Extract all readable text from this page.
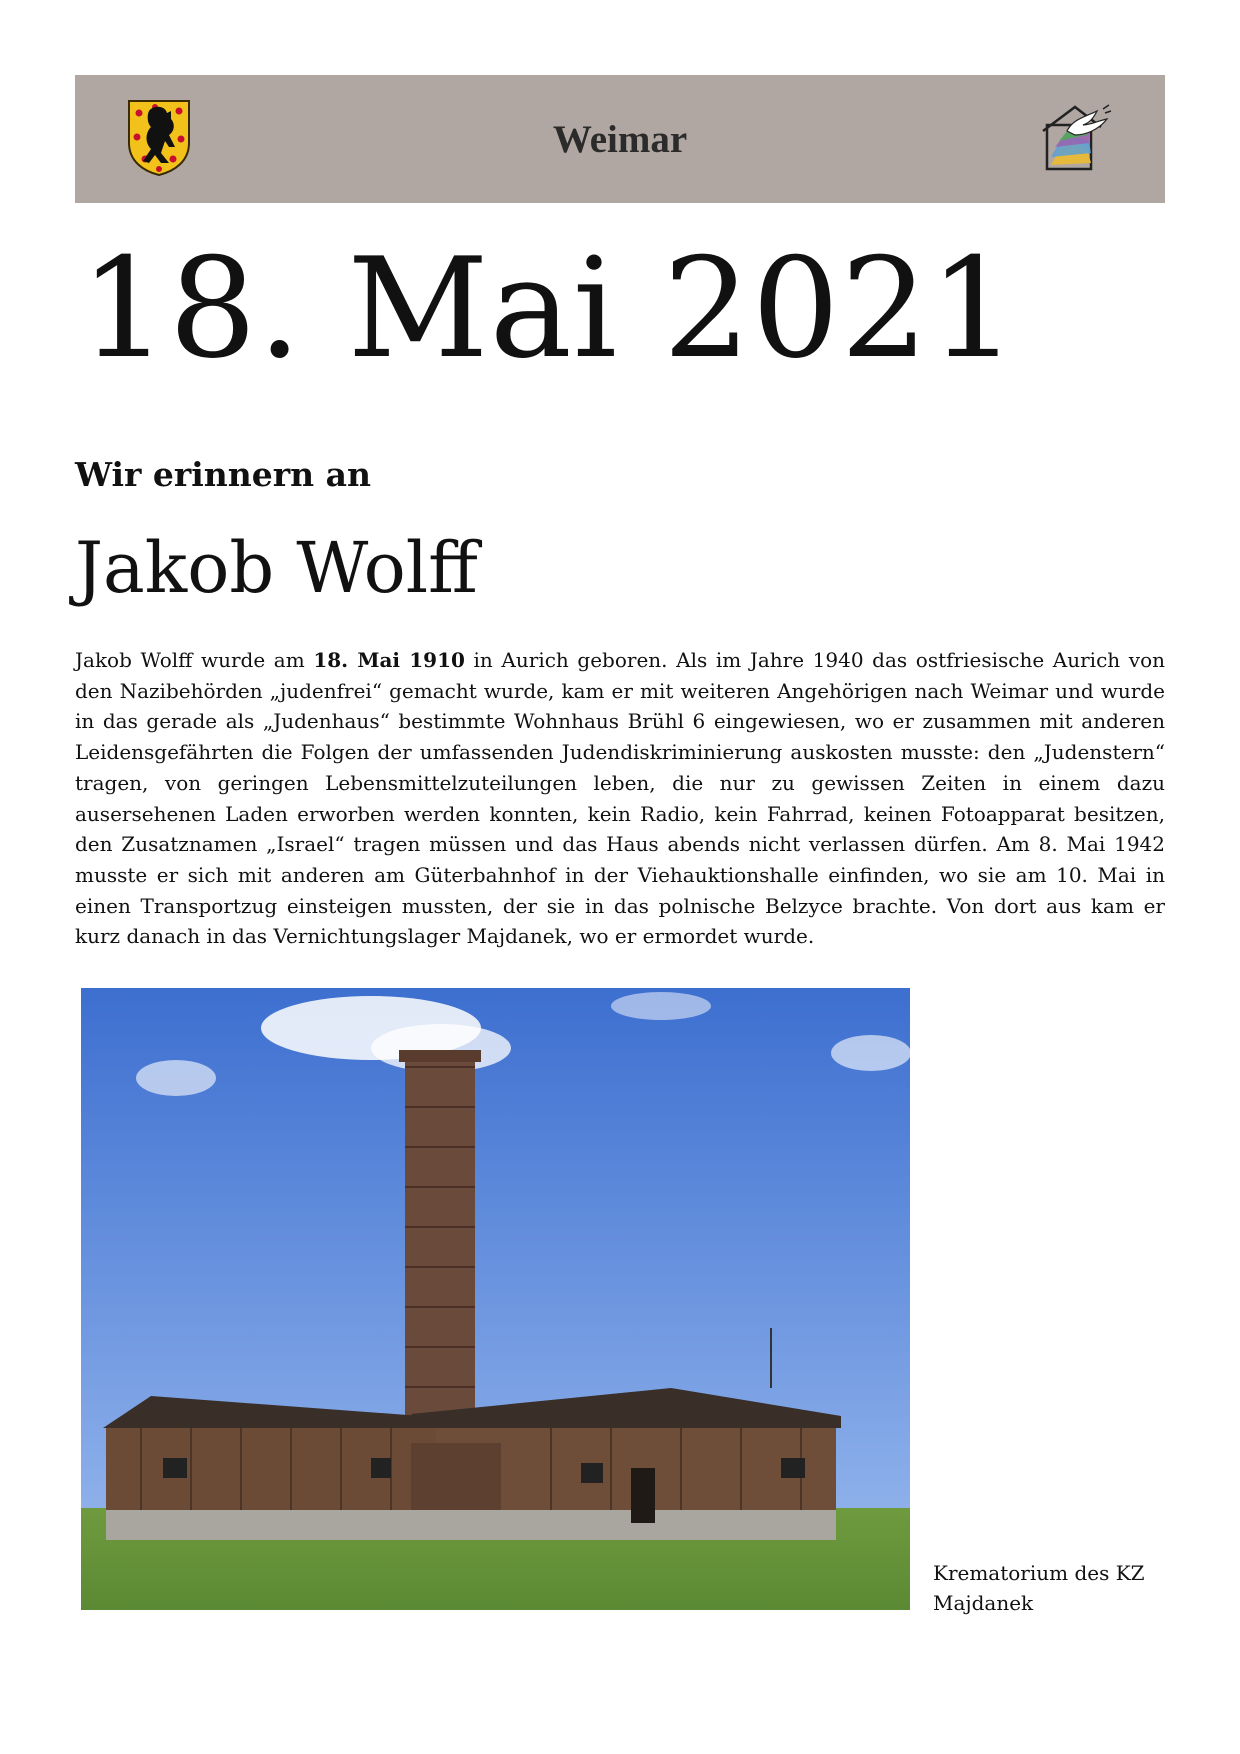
Weimar
18. Mai 2021
Wir erinnern an
Jakob Wolff

Jakob Wolff wurde am 18. Mai 1910 in Aurich geboren. Als im Jahre 1940 das ostfriesische Aurich von den Nazibehörden „judenfrei“ gemacht wurde, kam er mit weiteren Angehörigen nach Weimar und wurde in das gerade als „Judenhaus“ bestimmte Wohnhaus Brühl 6 eingewiesen, wo er zusammen mit anderen Leidensgefährten die Folgen der umfassenden Judendiskriminierung auskosten musste: den „Judenstern“ tragen, von geringen Lebensmittelzuteilungen leben, die nur zu gewissen Zeiten in einem dazu ausersehenen Laden erworben werden konnten, kein Radio, kein Fahrrad, keinen Fotoapparat besitzen, den Zusatznamen „Israel“ tragen müssen und das Haus abends nicht verlassen dürfen. Am 8. Mai 1942 musste er sich mit anderen am Güterbahnhof in der Viehauktionshalle einfinden, wo sie am 10. Mai in einen Transportzug einsteigen mussten, der sie in das polnische Belzyce brachte. Von dort aus kam er kurz danach in das Vernichtungslager Majdanek, wo er ermordet wurde.

Krematorium des KZ
Majdanek
